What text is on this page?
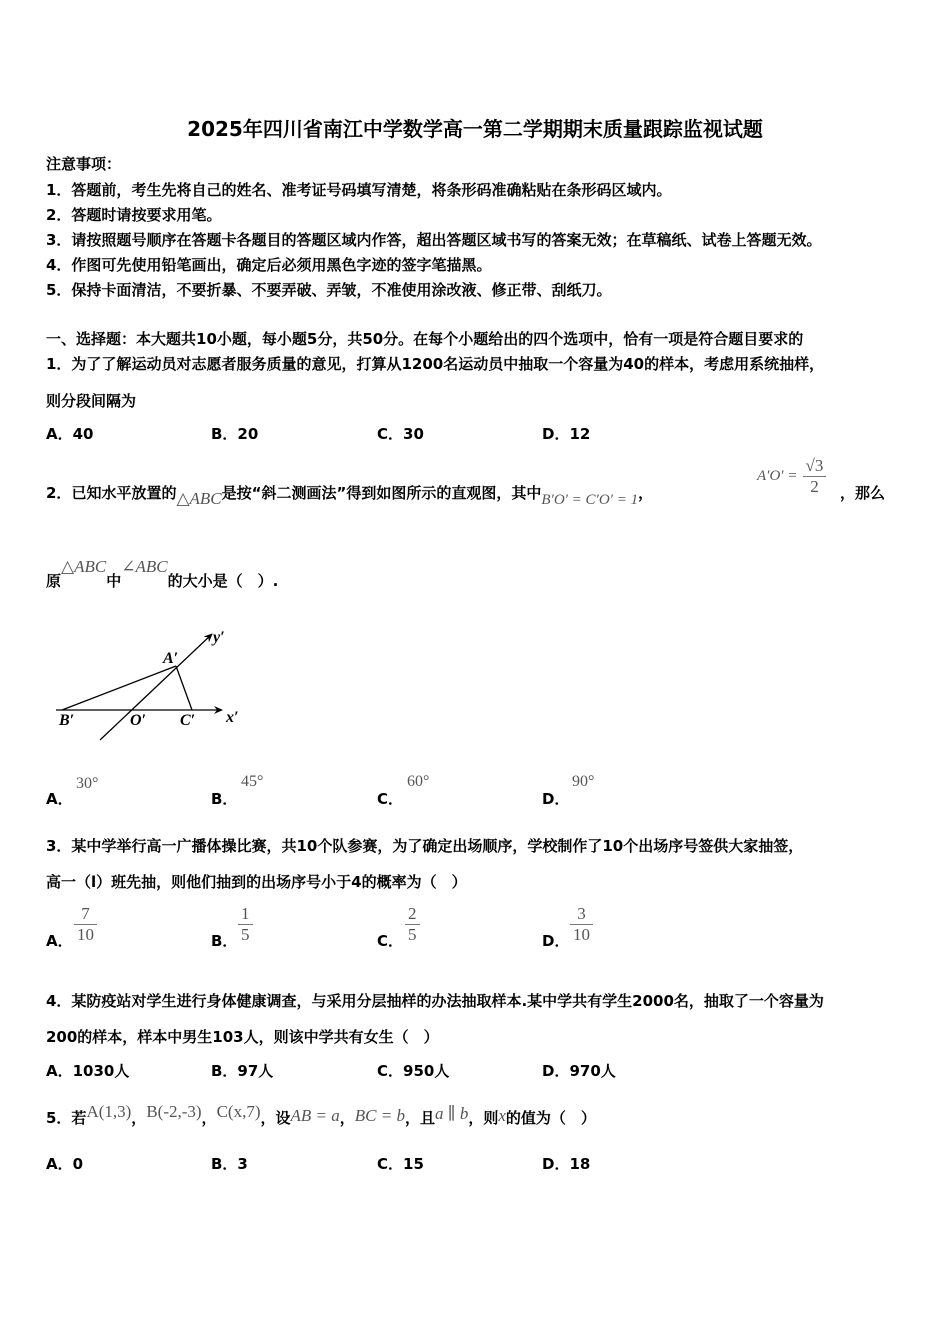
2025年四川省南江中学数学高一第二学期期末质量跟踪监视试题
注意事项：
1．答题前，考生先将自己的姓名、准考证号码填写清楚，将条形码准确粘贴在条形码区域内。
2．答题时请按要求用笔。
3．请按照题号顺序在答题卡各题目的答题区域内作答，超出答题区域书写的答案无效；在草稿纸、试卷上答题无效。
4．作图可先使用铅笔画出，确定后必须用黑色字迹的签字笔描黑。
5．保持卡面清洁，不要折暴、不要弄破、弄皱，不准使用涂改液、修正带、刮纸刀。
一、选择题：本大题共10小题，每小题5分，共50分。在每个小题给出的四个选项中，恰有一项是符合题目要求的
1．为了了解运动员对志愿者服务质量的意见，打算从1200名运动员中抽取一个容量为40的样本，考虑用系统抽样，
则分段间隔为
A．40	B．20	C．30	D．12
2．已知水平放置的△ABC是按“斜二测画法”得到如图所示的直观图，其中B′O′ = C′O′ = 1，
$A'O' = \frac{√3}{2}$ ，那么
原△ABC中∠ABC的大小是（　）.
A′
B′	O′ C′ x′
y′
A．
30°
B．
45°
C．
60°
D．
90°
3．某中学举行高一广播体操比赛，共10个队参赛，为了确定出场顺序，学校制作了10个出场序号签供大家抽签，
高一（l）班先抽，则他们抽到的出场序号小于4的概率为（　）
A． $\frac{7}{10}$	B． $\frac{1}{5}$	C． $\frac{2}{5}$	D． $\frac{3}{10}$
4．某防疫站对学生进行身体健康调查，与采用分层抽样的办法抽取样本.某中学共有学生2000名，抽取了一个容量为
200的样本，样本中男生103人，则该中学共有女生（　）
A．1030人	B．97人	C．950人	D．970人
5．若A(1,3)，B(-2,-3)，C(x,7)，设AB = a，BC = b，且a ∥ b，则x的值为（　）
A．0	B．3	C．15	D．18
